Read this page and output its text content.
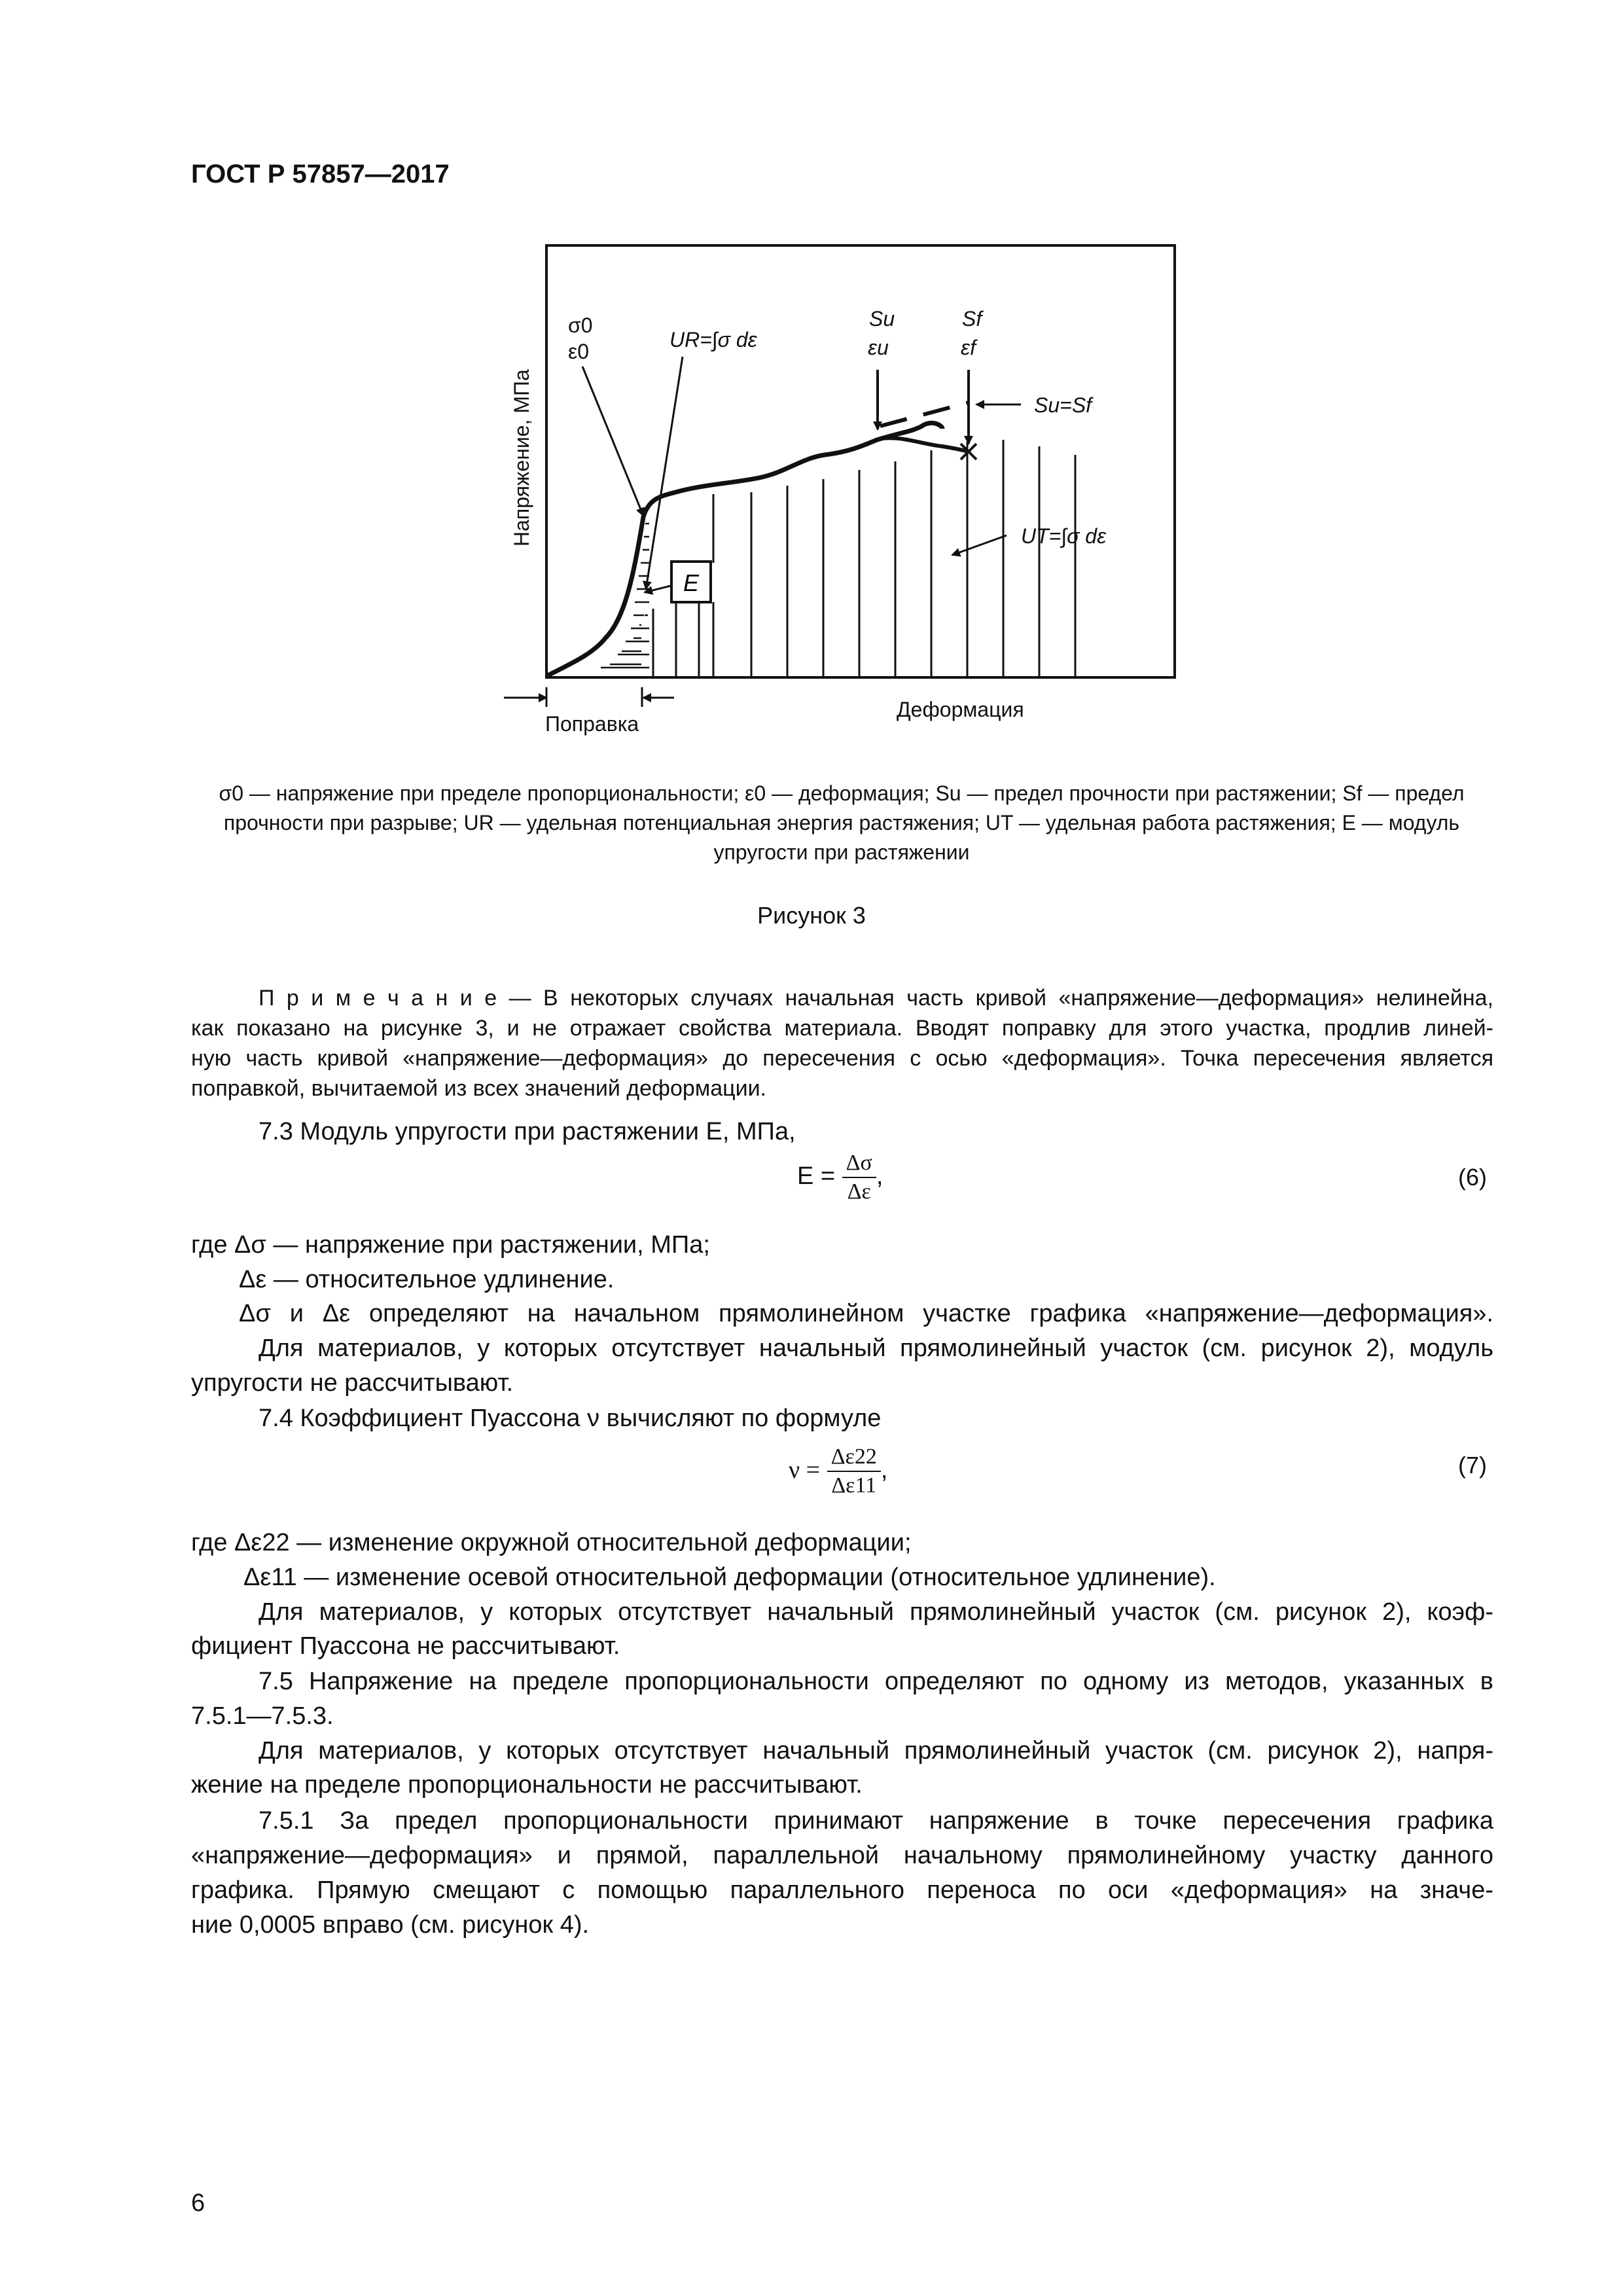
ГОСТ Р 57857—2017
E
σ0
ε0	UR=∫σ dε
Su
εu
Sf
εf
Su=Sf
UT=∫σ dε
Деформация
Поправка
Напряжение, МПа
σ0 — напряжение при пределе пропорциональности; ε0 — деформация; Su — предел прочности при растяжении; Sf — предел
прочности при разрыве; UR — удельная потенциальная энергия растяжения; UT — удельная работа растяжения; E — модуль
упругости при растяжении
Рисунок 3
П р и м е ч а н и е — В некоторых случаях начальная часть кривой «напряжение—деформация» нелинейна,
как показано на рисунке 3, и не отражает свойства материала. Вводят поправку для этого участка, продлив линей-
ную часть кривой «напряжение—деформация» до пересечения с осью «деформация». Точка пересечения является
поправкой, вычитаемой из всех значений деформации.
7.3 Модуль упругости при растяжении E, МПа,
$E = \frac{\Delta\sigma}{\Delta\varepsilon}$ ,	(6)
где Δσ — напряжение при растяжении, МПа;
Δε — относительное удлинение.
Δσ и Δε определяют на начальном прямолинейном участке графика «напряжение—деформация».
Для материалов, у которых отсутствует начальный прямолинейный участок (см. рисунок 2), модуль
упругости не рассчитывают.
7.4 Коэффициент Пуассона ν вычисляют по формуле
$\nu = \frac{\Delta\varepsilon 22}{\Delta\varepsilon 11}$ ,	(7)
где Δε22 — изменение окружной относительной деформации;
Δε11 — изменение осевой относительной деформации (относительное удлинение).
Для материалов, у которых отсутствует начальный прямолинейный участок (см. рисунок 2), коэф-
фициент Пуассона не рассчитывают.
7.5 Напряжение на пределе пропорциональности определяют по одному из методов, указанных в
7.5.1—7.5.3.
Для материалов, у которых отсутствует начальный прямолинейный участок (см. рисунок 2), напря-
жение на пределе пропорциональности не рассчитывают.
7.5.1 За предел пропорциональности принимают напряжение в точке пересечения графика
«напряжение—деформация» и прямой, параллельной начальному прямолинейному участку данного
графика. Прямую смещают с помощью параллельного переноса по оси «деформация» на значе-
ние 0,0005 вправо (см. рисунок 4).
6
